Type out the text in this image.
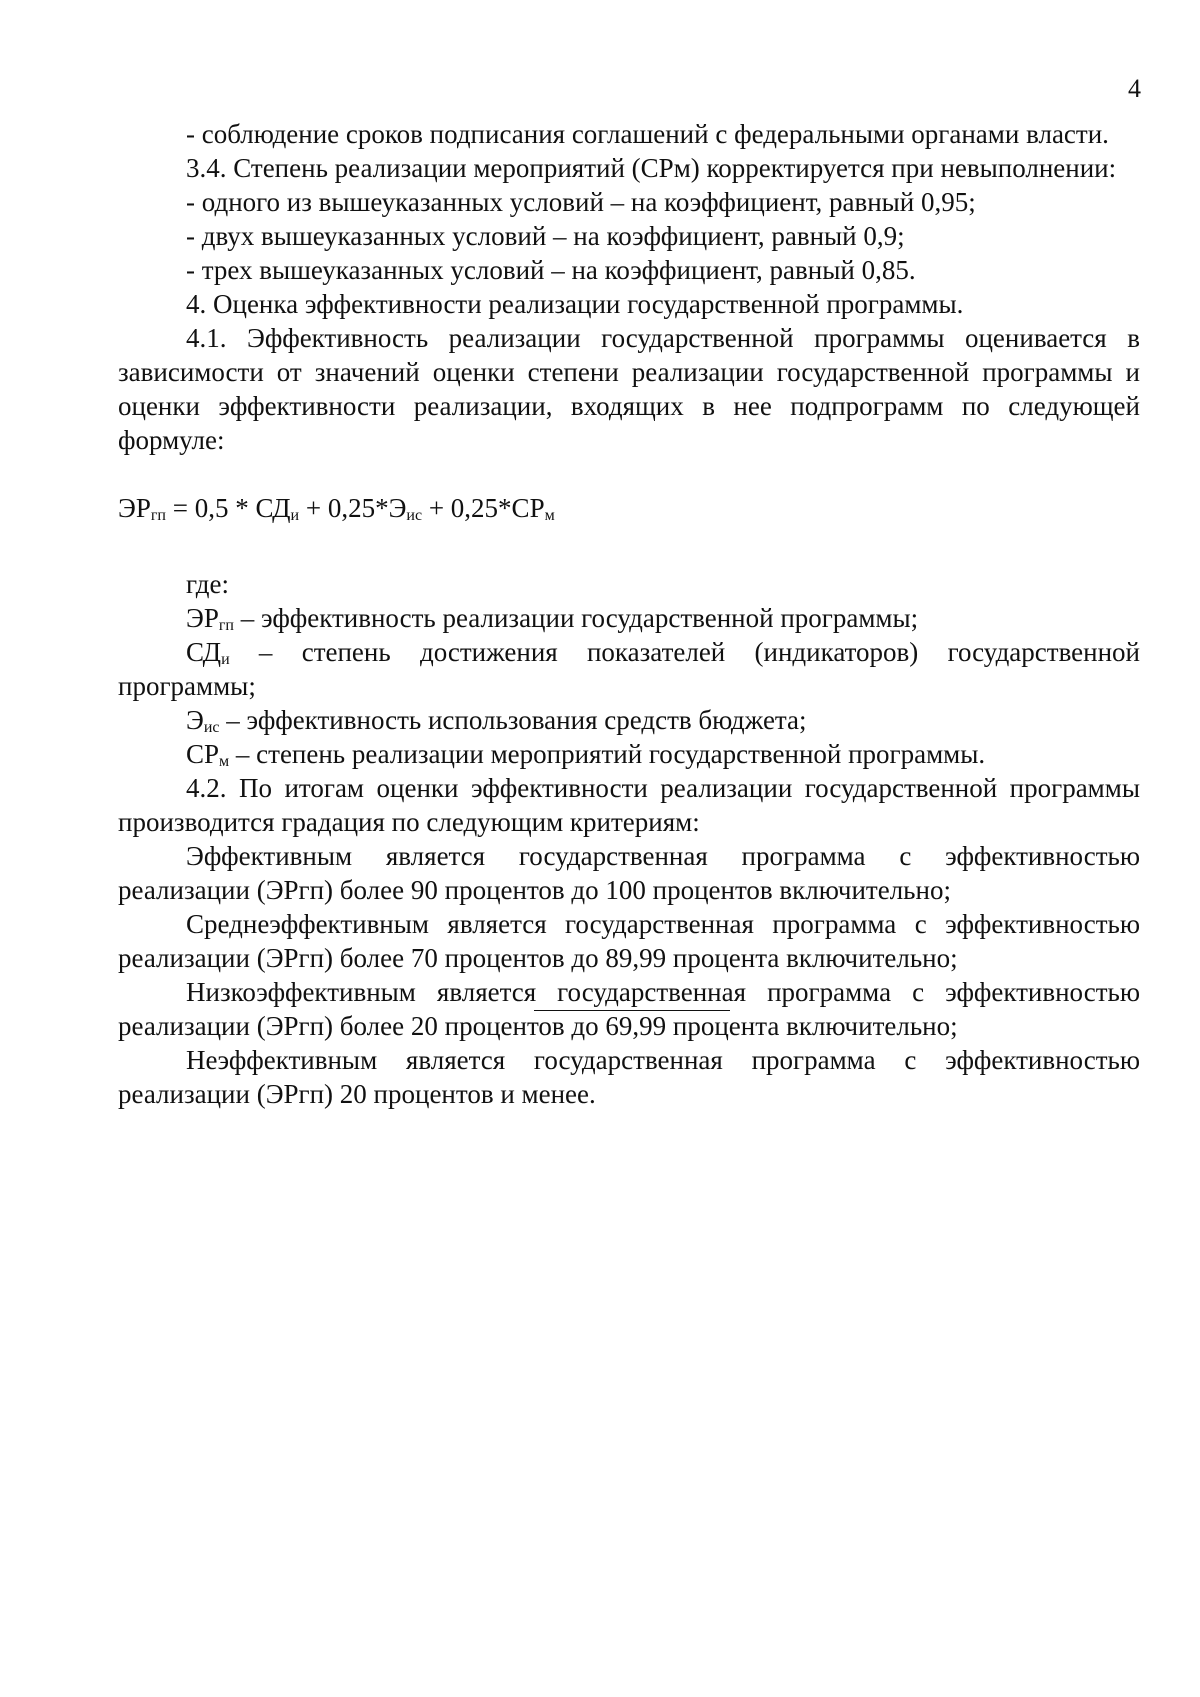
4

- соблюдение сроков подписания соглашений с федеральными органами власти.

3.4. Степень реализации мероприятий (СРм) корректируется при невыполнении:

- одного из вышеуказанных условий – на коэффициент, равный 0,95;

- двух вышеуказанных условий – на коэффициент, равный 0,9;

- трех вышеуказанных условий – на коэффициент, равный 0,85.

4. Оценка эффективности реализации государственной программы.

4.1. Эффективность реализации государственной программы оценивается в зависимости от значений оценки степени реализации государственной программы и оценки эффективности реализации, входящих в нее подпрограмм по следующей формуле:

$ЭР_{гп} = 0,5 * СД_и + 0,25*Э_{ис} + 0,25*СР_м$

где:

$ЭР_{гп}$ – эффективность реализации государственной программы;

$СД_и$ – степень достижения показателей (индикаторов) государственной программы;

$Э_{ис}$ – эффективность использования средств бюджета;

$СР_м$ – степень реализации мероприятий государственной программы.

4.2. По итогам оценки эффективности реализации государственной программы производится градация по следующим критериям:

Эффективным является государственная программа с эффективностью реализации (ЭРгп) более 90 процентов до 100 процентов включительно;

Среднеэффективным является государственная программа с эффективностью реализации (ЭРгп) более 70 процентов до 89,99 процента включительно;

Низкоэффективным является государственная программа с эффективностью реализации (ЭРгп) более 20 процентов до 69,99 процента включительно;

Неэффективным является государственная программа с эффективностью реализации (ЭРгп) 20 процентов и менее.
